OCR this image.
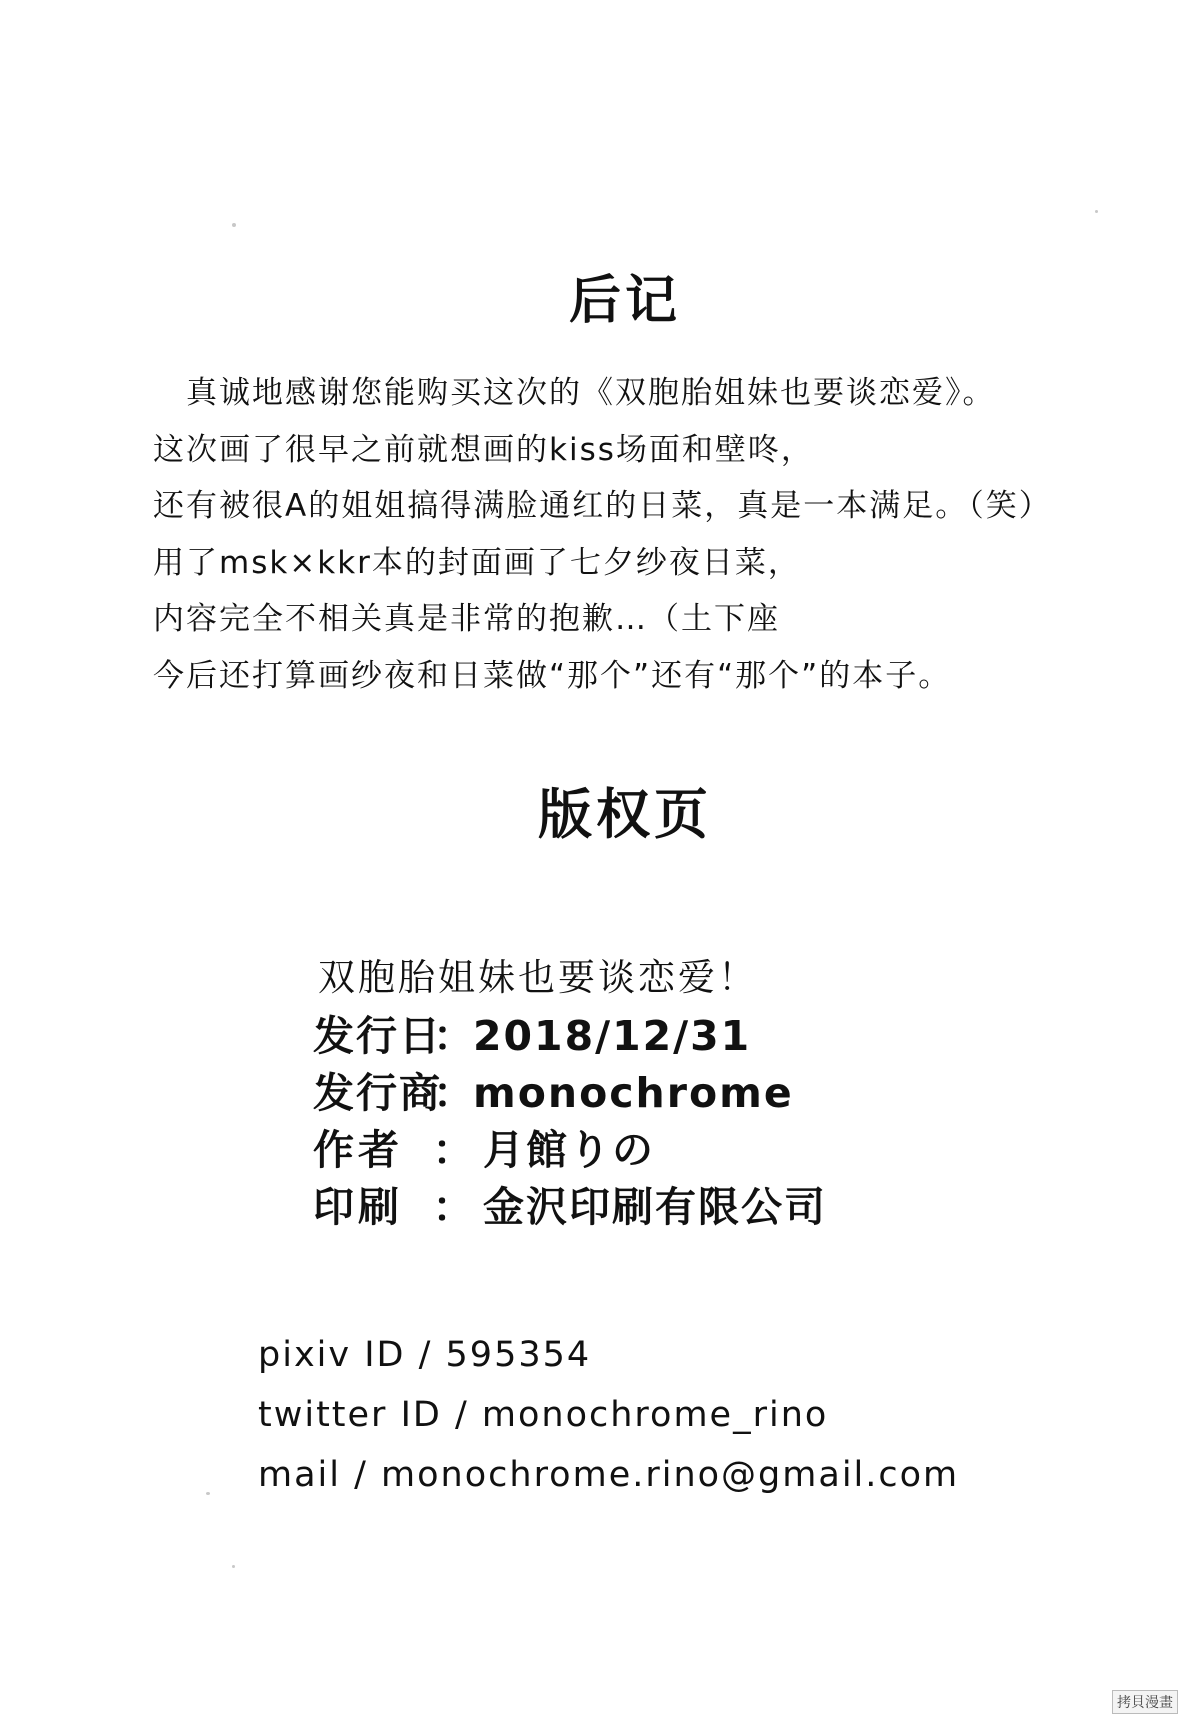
后记
　真诚地感谢您能购买这次的《双胞胎姐妹也要谈恋爱》。
这次画了很早之前就想画的kiss场面和壁咚，
还有被很A的姐姐搞得满脸通红的日菜，真是一本满足。（笑）
用了msk×kkr本的封面画了七夕纱夜日菜，
内容完全不相关真是非常的抱歉…（土下座
今后还打算画纱夜和日菜做“那个”还有“那个”的本子。
版权页
双胞胎姐妹也要谈恋爱！
发行日
： 2018/12/31
发行商
： monochrome
作者 ： 月館りの
印刷 ： 金沢印刷有限公司
pixiv ID / 595354
twitter ID / monochrome_rino
mail / monochrome.rino@gmail.com
拷貝漫畫
